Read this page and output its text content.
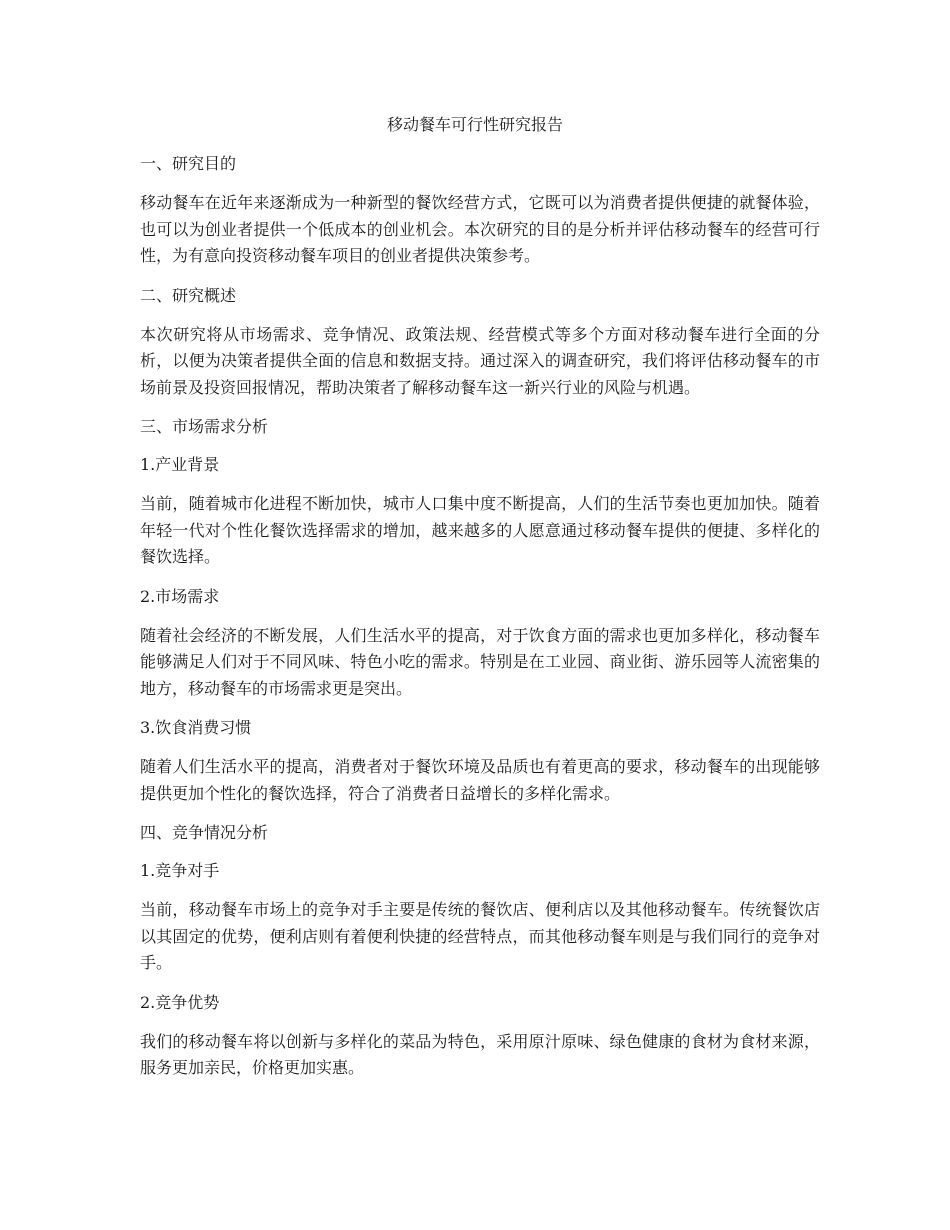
移动餐车可行性研究报告

一、研究目的

移动餐车在近年来逐渐成为一种新型的餐饮经营方式，它既可以为消费者提供便捷的就餐体验，也可以为创业者提供一个低成本的创业机会。本次研究的目的是分析并评估移动餐车的经营可行性，为有意向投资移动餐车项目的创业者提供决策参考。

二、研究概述

本次研究将从市场需求、竞争情况、政策法规、经营模式等多个方面对移动餐车进行全面的分析，以便为决策者提供全面的信息和数据支持。通过深入的调查研究，我们将评估移动餐车的市场前景及投资回报情况，帮助决策者了解移动餐车这一新兴行业的风险与机遇。

三、市场需求分析

1.产业背景

当前，随着城市化进程不断加快，城市人口集中度不断提高，人们的生活节奏也更加加快。随着年轻一代对个性化餐饮选择需求的增加，越来越多的人愿意通过移动餐车提供的便捷、多样化的餐饮选择。

2.市场需求

随着社会经济的不断发展，人们生活水平的提高，对于饮食方面的需求也更加多样化，移动餐车能够满足人们对于不同风味、特色小吃的需求。特别是在工业园、商业街、游乐园等人流密集的地方，移动餐车的市场需求更是突出。

3.饮食消费习惯

随着人们生活水平的提高，消费者对于餐饮环境及品质也有着更高的要求，移动餐车的出现能够提供更加个性化的餐饮选择，符合了消费者日益增长的多样化需求。

四、竞争情况分析

1.竞争对手

当前，移动餐车市场上的竞争对手主要是传统的餐饮店、便利店以及其他移动餐车。传统餐饮店以其固定的优势，便利店则有着便利快捷的经营特点，而其他移动餐车则是与我们同行的竞争对手。

2.竞争优势

我们的移动餐车将以创新与多样化的菜品为特色，采用原汁原味、绿色健康的食材为食材来源，服务更加亲民，价格更加实惠。
